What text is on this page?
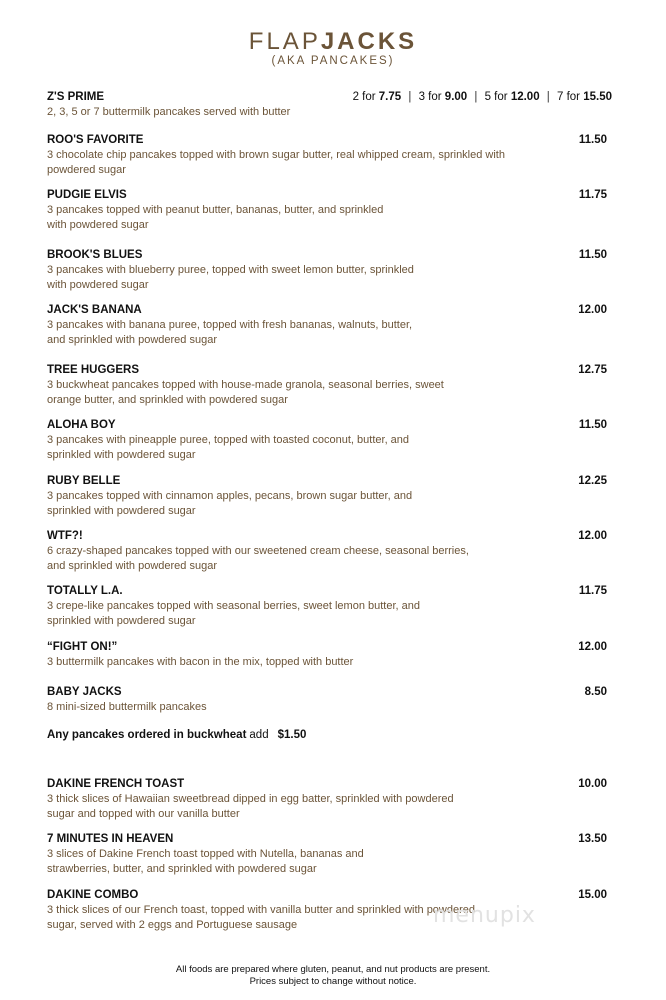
FLAPJACKS
(AKA PANCAKES)
Z'S PRIME
2, 3, 5 or 7 buttermilk pancakes served with butter
2 for 7.75 | 3 for 9.00 | 5 for 12.00 | 7 for 15.50
ROO'S FAVORITE
3 chocolate chip pancakes topped with brown sugar butter, real whipped cream, sprinkled with powdered sugar
11.50
PUDGIE ELVIS
3 pancakes topped with peanut butter, bananas, butter, and sprinkled with powdered sugar
11.75
BROOK'S BLUES
3 pancakes with blueberry puree, topped with sweet lemon butter, sprinkled with powdered sugar
11.50
JACK'S BANANA
3 pancakes with banana puree, topped with fresh bananas, walnuts, butter, and sprinkled with powdered sugar
12.00
TREE HUGGERS
3 buckwheat pancakes topped with house-made granola, seasonal berries, sweet orange butter, and sprinkled with powdered sugar
12.75
ALOHA BOY
3 pancakes with pineapple puree, topped with toasted coconut, butter, and sprinkled with powdered sugar
11.50
RUBY BELLE
3 pancakes topped with cinnamon apples, pecans, brown sugar butter, and sprinkled with powdered sugar
12.25
WTF?!
6 crazy-shaped pancakes topped with our sweetened cream cheese, seasonal berries, and sprinkled with powdered sugar
12.00
TOTALLY L.A.
3 crepe-like pancakes topped with seasonal berries, sweet lemon butter, and sprinkled with powdered sugar
11.75
“FIGHT ON!”
3 buttermilk pancakes with bacon in the mix, topped with butter
12.00
BABY JACKS
8 mini-sized buttermilk pancakes
8.50
Any pancakes ordered in buckwheat add $1.50
DAKINE FRENCH TOAST
3 thick slices of Hawaiian sweetbread dipped in egg batter, sprinkled with powdered sugar and topped with our vanilla butter
10.00
7 MINUTES IN HEAVEN
3 slices of Dakine French toast topped with Nutella, bananas and strawberries, butter, and sprinkled with powdered sugar
13.50
DAKINE COMBO
3 thick slices of our French toast, topped with vanilla butter and sprinkled with powdered sugar, served with 2 eggs and Portuguese sausage
15.00
menupix
All foods are prepared where gluten, peanut, and nut products are present.
Prices subject to change without notice.
